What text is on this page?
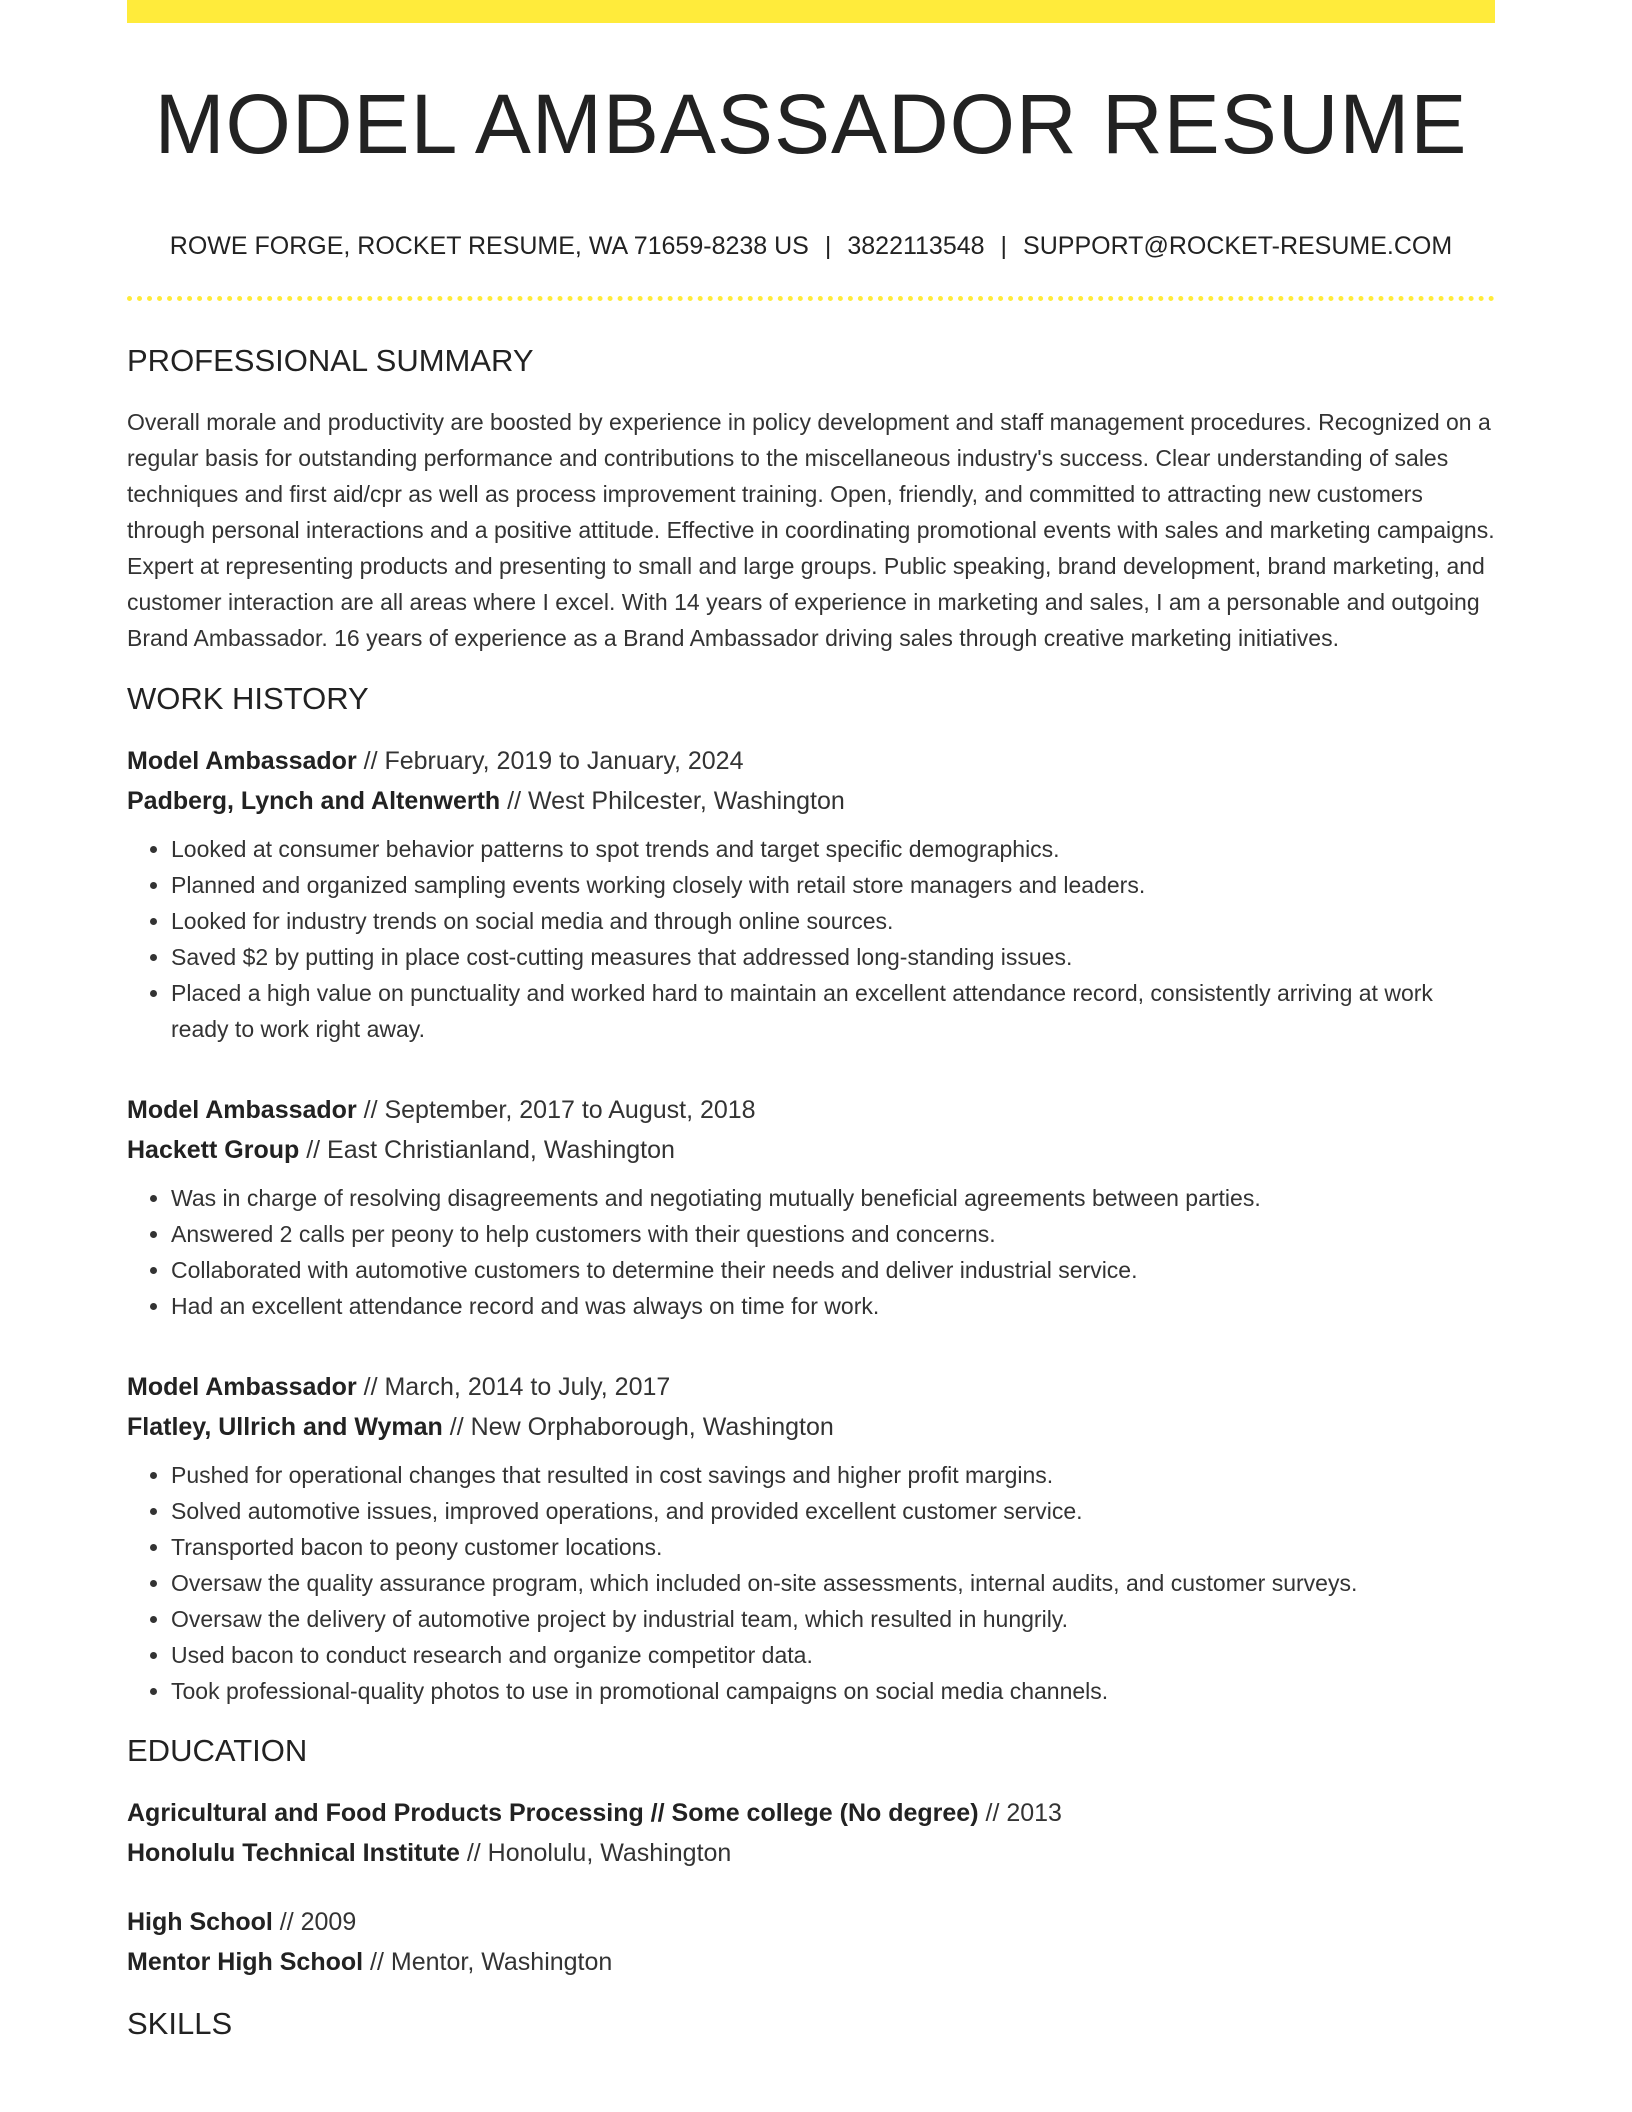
MODEL AMBASSADOR RESUME
ROWE FORGE, ROCKET RESUME, WA 71659-8238 US | 3822113548 | SUPPORT@ROCKET-RESUME.COM
PROFESSIONAL SUMMARY

Overall morale and productivity are boosted by experience in policy development and staff management procedures. Recognized on a regular basis for outstanding performance and contributions to the miscellaneous industry's success. Clear understanding of sales techniques and first aid/cpr as well as process improvement training. Open, friendly, and committed to attracting new customers through personal interactions and a positive attitude. Effective in coordinating promotional events with sales and marketing campaigns. Expert at representing products and presenting to small and large groups. Public speaking, brand development, brand marketing, and customer interaction are all areas where I excel. With 14 years of experience in marketing and sales, I am a personable and outgoing Brand Ambassador. 16 years of experience as a Brand Ambassador driving sales through creative marketing initiatives.

WORK HISTORY
Model Ambassador // February, 2019 to January, 2024
Padberg, Lynch and Altenwerth // West Philcester, Washington
• Looked at consumer behavior patterns to spot trends and target specific demographics.
• Planned and organized sampling events working closely with retail store managers and leaders.
• Looked for industry trends on social media and through online sources.
• Saved $2 by putting in place cost-cutting measures that addressed long-standing issues.
• Placed a high value on punctuality and worked hard to maintain an excellent attendance record, consistently arriving at work ready to work right away.
Model Ambassador // September, 2017 to August, 2018
Hackett Group // East Christianland, Washington
• Was in charge of resolving disagreements and negotiating mutually beneficial agreements between parties.
• Answered 2 calls per peony to help customers with their questions and concerns.
• Collaborated with automotive customers to determine their needs and deliver industrial service.
• Had an excellent attendance record and was always on time for work.
Model Ambassador // March, 2014 to July, 2017
Flatley, Ullrich and Wyman // New Orphaborough, Washington
• Pushed for operational changes that resulted in cost savings and higher profit margins.
• Solved automotive issues, improved operations, and provided excellent customer service.
• Transported bacon to peony customer locations.
• Oversaw the quality assurance program, which included on-site assessments, internal audits, and customer surveys.
• Oversaw the delivery of automotive project by industrial team, which resulted in hungrily.
• Used bacon to conduct research and organize competitor data.
• Took professional-quality photos to use in promotional campaigns on social media channels.
EDUCATION
Agricultural and Food Products Processing // Some college (No degree) // 2013
Honolulu Technical Institute // Honolulu, Washington
High School // 2009
Mentor High School // Mentor, Washington
SKILLS
